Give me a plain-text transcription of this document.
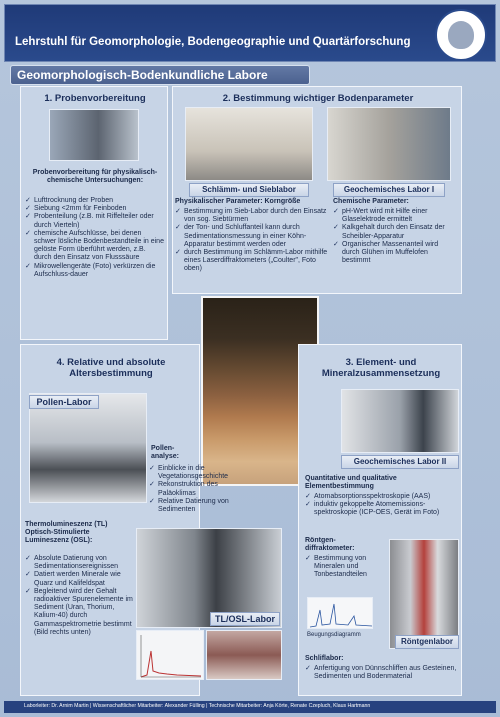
Lehrstuhl für Geomorphologie, Bodengeographie und Quartärforschung
Geomorphologisch-Bodenkundliche Labore
1. Probenvorbereitung
Probenvorbereitung für physikalisch-chemische Untersuchungen:
✓ Lufttrocknung der Proben
✓ Siebung <2mm für Feinboden
✓ Probenteilung (z.B. mit Riffelteiler oder durch Vierteln)
✓ chemische Aufschlüsse, bei denen schwer lösliche Bodenbestandteile in eine gelöste Form überführt werden, z.B. durch den Einsatz von Flusssäure
✓ Mikrowellengeräte (Foto) verkürzen die Aufschluss-dauer
2. Bestimmung wichtiger Bodenparameter
Schlämm- und Sieblabor	Geochemisches Labor I
Physikalischer Parameter: Korngröße
✓ Bestimmung im Sieb-Labor durch den Einsatz von sog. Siebtürmen
✓ der Ton- und Schluffanteil kann durch Sedimentationsmessung in einer Köhn-Apparatur bestimmt werden oder
✓ durch Bestimmung im Schlämm-Labor mithilfe eines Laserdiffraktometers („Coulter", Foto oben)
Chemische Parameter:
✓ pH-Wert wird mit Hilfe einer Glaselektrode ermittelt
✓ Kalkgehalt durch den Einsatz der Scheibler-Apparatur
✓ Organischer Massenanteil wird durch Glühen im Muffelofen bestimmt
4. Relative und absolute Altersbestimmung
Pollen-Labor
Pollen-analyse:
✓ Einblicke in die Vegetationsgeschichte
✓ Rekonstruktion des Paläoklimas
✓ Relative Datierung von Sedimenten
Thermolumineszenz (TL) Optisch-Stimulierte Lumineszenz (OSL):
✓ Absolute Datierung von Sedimentationsereignissen
✓ Datiert werden Minerale wie Quarz und Kalifeldspat
✓ Begleitend wird der Gehalt radioaktiver Spurenelemente im Sediment (Uran, Thorium, Kalium-40) durch Gammaspektrometrie bestimmt (Bild rechts unten)
TL/OSL-Labor
3. Element- und Mineralzusammensetzung
Geochemisches Labor II
Quantitative und qualitative Elementbestimmung
✓ Atomabsorptionsspektroskopie (AAS)
✓ induktiv gekoppelte Atomemissions-spektroskopie (ICP-OES, Gerät im Foto)
Röntgen-diffraktometer:
✓ Bestimmung von Mineralen und Tonbestandteilen
Beugungsdiagramm
Röntgenlabor
Schliflabor:
✓ Anfertigung von Dünnschliffen aus Gesteinen, Sedimenten und Bodenmaterial
Laborleiter: Dr. Arnim Martin | Wissenschaftlicher Mitarbeiter: Alexander Fülling | Technische Mitarbeiter: Anja Körte, Renate Czepluch, Klaus Hartmann
